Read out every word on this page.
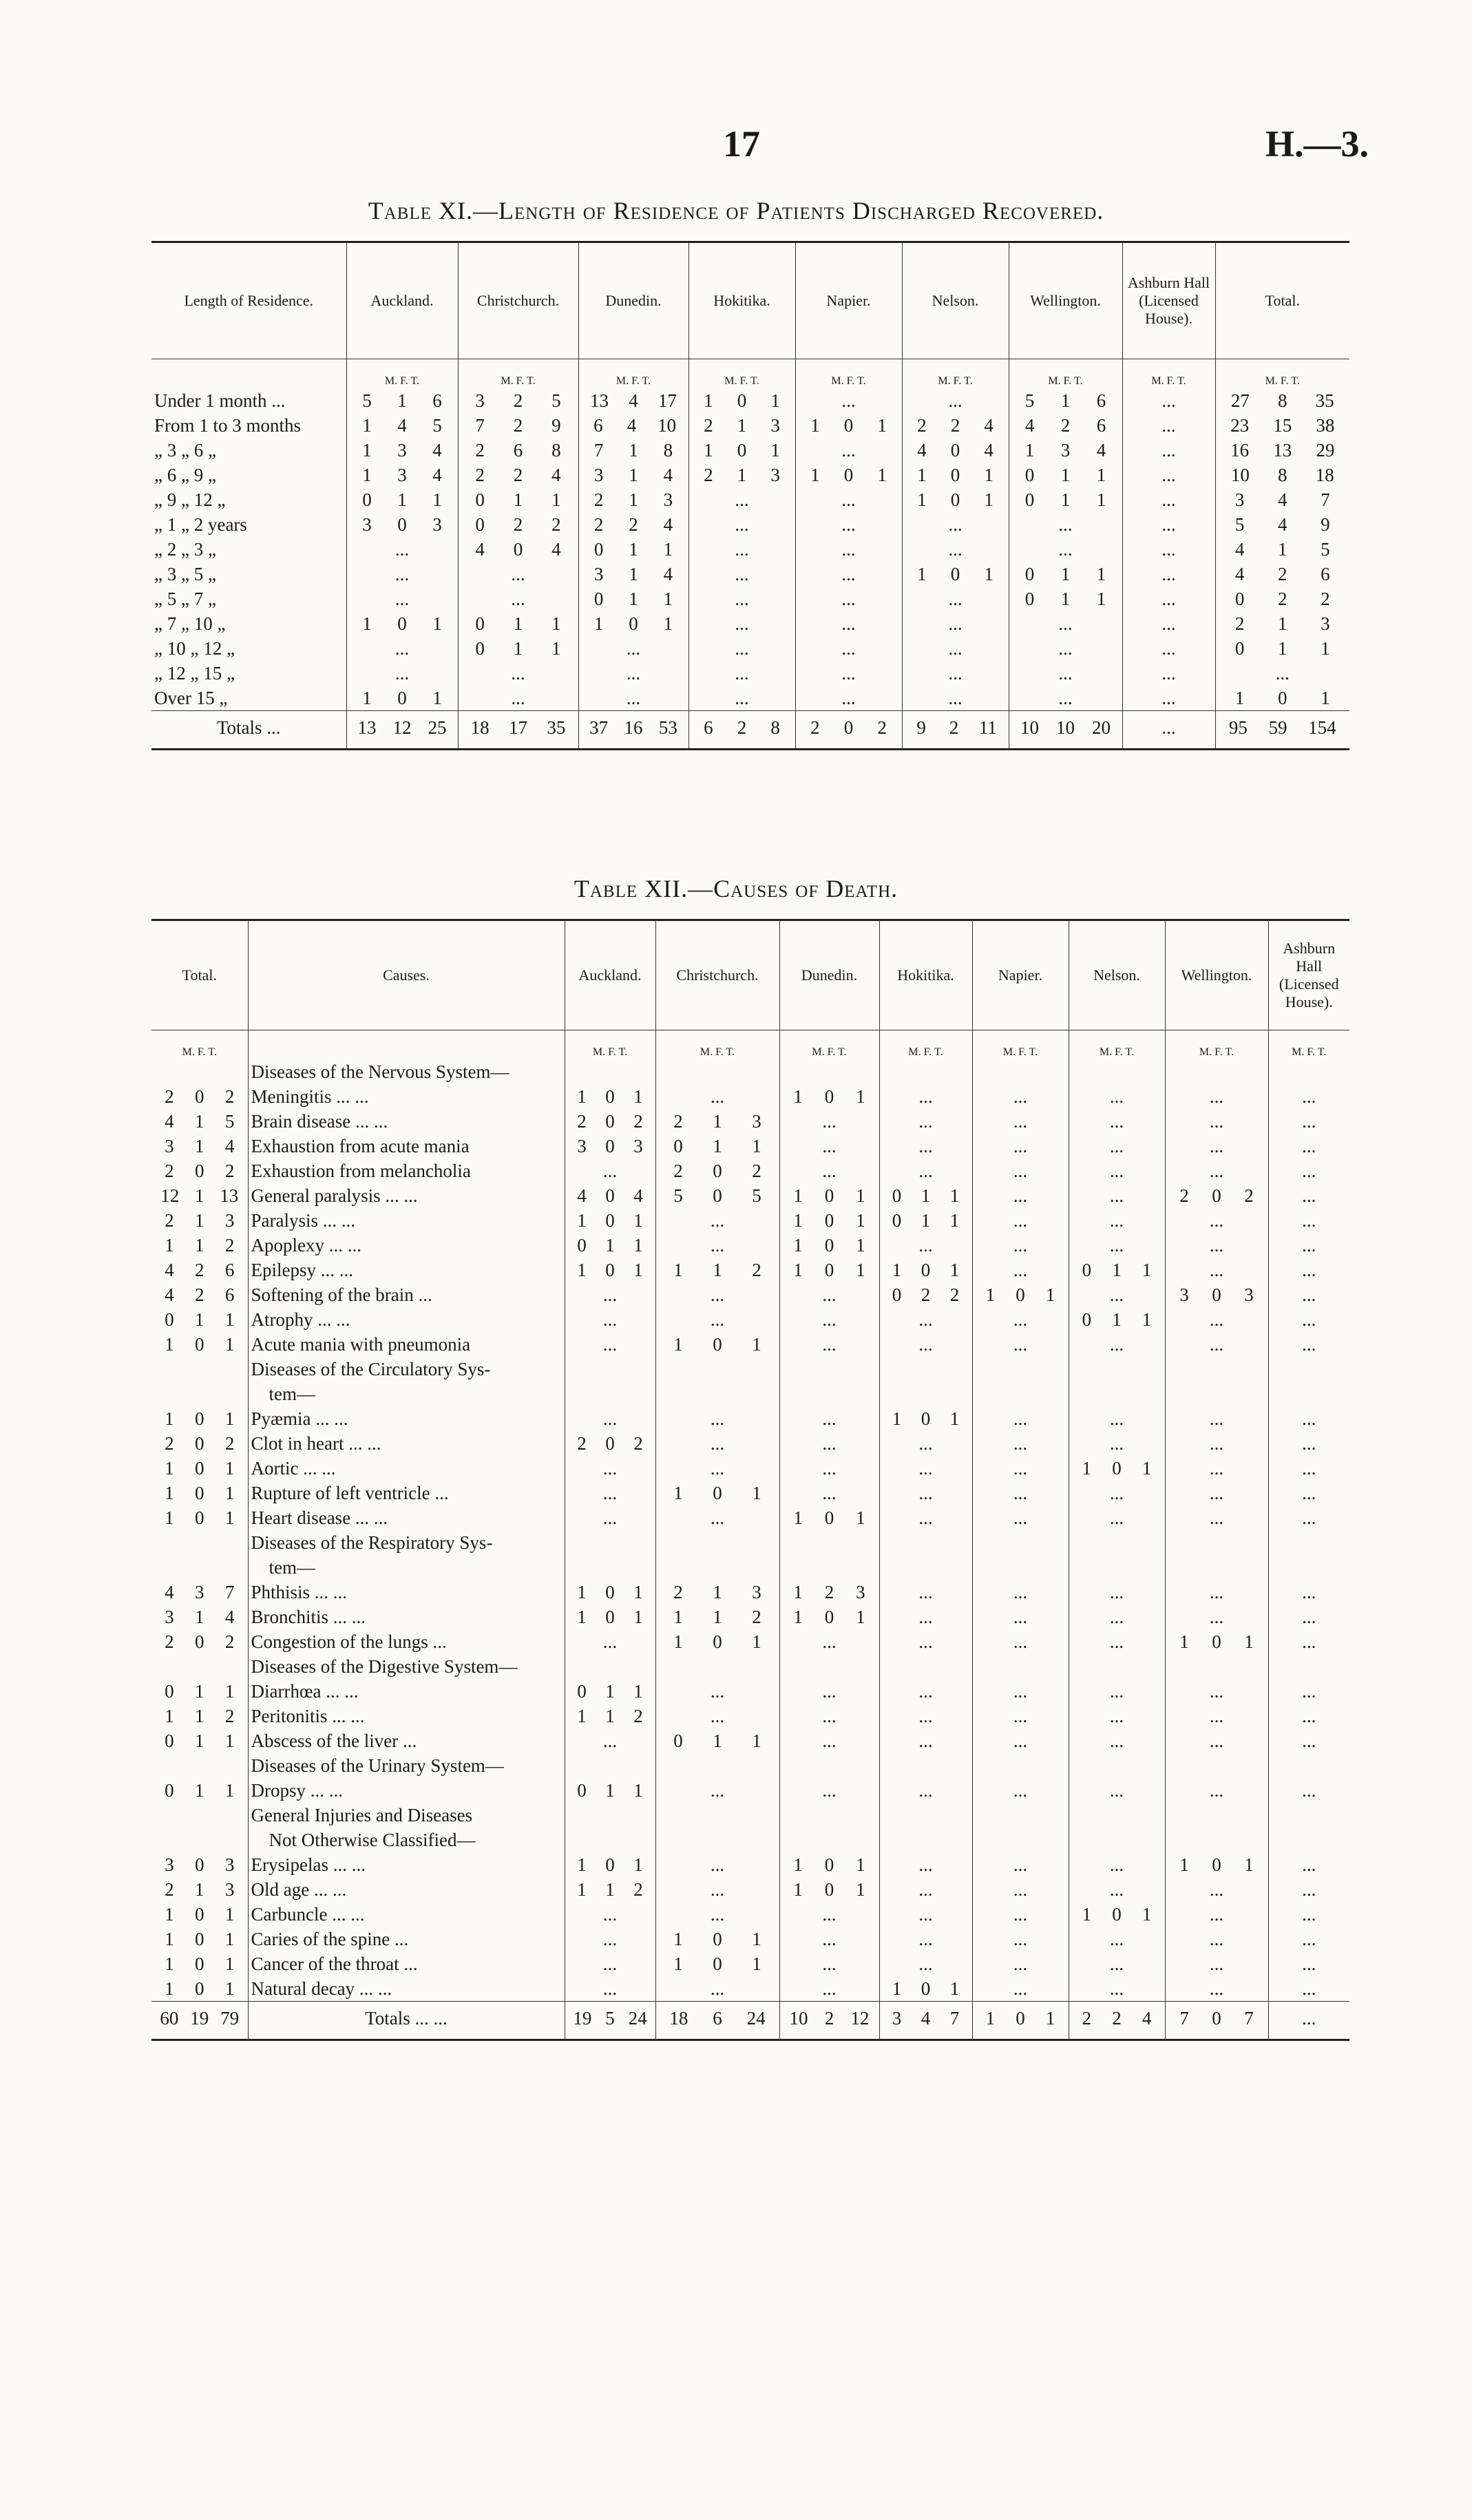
17	H.—3.
Table XI.—Length of Residence of Patients Discharged Recovered.
Length of Residence.	Auckland.	Christchurch.	Dunedin.	Hokitika.	Napier.	Nelson.	Wellington.	Ashburn Hall (Licensed House).	Total.
	M. F. T.	M. F. T.	M. F. T.	M. F. T.	M. F. T.	M. F. T.	M. F. T.	M. F. T.	M. F. T.
Under 1 month ...	5 1 6	3 2 5	13 4 17	1 0 1	...	...	5 1 6	...	27 8 35

From 1 to 3 months	1 4 5	7 2 9	6 4 10	2 1 3	1 0 1	2 2 4	4 2 6	...	23 15 38

„ 3 „ 6 „	1 3 4	2 6 8	7 1 8	1 0 1	...	4 0 4	1 3 4	...	16 13 29

„ 6 „ 9 „	1 3 4	2 2 4	3 1 4	2 1 3	1 0 1	1 0 1	0 1 1	...	10 8 18

„ 9 „ 12 „	0 1 1	0 1 1	2 1 3	...	...	1 0 1	0 1 1	...	3 4 7

„ 1 „ 2 years	3 0 3	0 2 2	2 2 4	...	...	...	...	...	5 4 9

„ 2 „ 3 „	...	4 0 4	0 1 1	...	...	...	...	...	4 1 5

„ 3 „ 5 „	...	...	3 1 4	...	...	1 0 1	0 1 1	...	4 2 6

„ 5 „ 7 „	...	...	0 1 1	...	...	...	0 1 1	...	0 2 2

„ 7 „ 10 „	1 0 1	0 1 1	1 0 1	...	...	...	...	...	2 1 3

„ 10 „ 12 „	...	0 1 1	...	...	...	...	...	...	0 1 1

„ 12 „ 15 „	...	...	...	...	...	...	...	...	...
Over 15 „	1 0 1	...	...	...	...	...	...	...	1 0 1

Totals ...	13 12 25	18 17 35	37 16 53	6 2 8	2 0 2	9 2 11	10 10 20	...	95 59 154
Table XII.—Causes of Death.
Total.	Causes.	Auckland.	Christchurch.	Dunedin.	Hokitika.	Napier.	Nelson.	Wellington.	Ashburn Hall (Licensed House).
M. F. T.		M. F. T.	M. F. T.	M. F. T.	M. F. T.	M. F. T.	M. F. T.	M. F. T.	M. F. T.
	Diseases of the Nervous System—								

2 0 2	Meningitis ... ...	1 0 1	...	1 0 1	...	...	...	...	...

4 1 5	Brain disease ... ...	2 0 2	2 1 3	...	...	...	...	...	...

3 1 4	Exhaustion from acute mania	3 0 3	0 1 1	...	...	...	...	...	...

2 0 2	Exhaustion from melancholia	...	2 0 2	...	...	...	...	...	...

12 1 13	General paralysis ... ...	4 0 4	5 0 5	1 0 1	0 1 1	...	...	2 0 2	...

2 1 3	Paralysis ... ...	1 0 1	...	1 0 1	0 1 1	...	...	...	...

1 1 2	Apoplexy ... ...	0 1 1	...	1 0 1	...	...	...	...	...

4 2 6	Epilepsy ... ...	1 0 1	1 1 2	1 0 1	1 0 1	...	0 1 1	...	...

4 2 6	Softening of the brain ...	...	...	...	0 2 2	1 0 1	...	3 0 3	...

0 1 1	Atrophy ... ...	...	...	...	...	...	0 1 1	...	...

1 0 1	Acute mania with pneumonia	...	1 0 1	...	...	...	...	...	...
	Diseases of the Circulatory Sys-								
	tem—								

1 0 1	Pyæmia ... ...	...	...	...	1 0 1	...	...	...	...

2 0 2	Clot in heart ... ...	2 0 2	...	...	...	...	...	...	...

1 0 1	Aortic ... ...	...	...	...	...	...	1 0 1	...	...

1 0 1	Rupture of left ventricle ...	...	1 0 1	...	...	...	...	...	...

1 0 1	Heart disease ... ...	...	...	1 0 1	...	...	...	...	...
	Diseases of the Respiratory Sys-								
	tem—								

4 3 7	Phthisis ... ...	1 0 1	2 1 3	1 2 3	...	...	...	...	...

3 1 4	Bronchitis ... ...	1 0 1	1 1 2	1 0 1	...	...	...	...	...

2 0 2	Congestion of the lungs ...	...	1 0 1	...	...	...	...	1 0 1	...
	Diseases of the Digestive System—								

0 1 1	Diarrhœa ... ...	0 1 1	...	...	...	...	...	...	...

1 1 2	Peritonitis ... ...	1 1 2	...	...	...	...	...	...	...

0 1 1	Abscess of the liver ...	...	0 1 1	...	...	...	...	...	...
	Diseases of the Urinary System—								

0 1 1	Dropsy ... ...	0 1 1	...	...	...	...	...	...	...
	General Injuries and Diseases								
	Not Otherwise Classified—								

3 0 3	Erysipelas ... ...	1 0 1	...	1 0 1	...	...	...	1 0 1	...

2 1 3	Old age ... ...	1 1 2	...	1 0 1	...	...	...	...	...

1 0 1	Carbuncle ... ...	...	...	...	...	...	1 0 1	...	...

1 0 1	Caries of the spine ...	...	1 0 1	...	...	...	...	...	...

1 0 1	Cancer of the throat ...	...	1 0 1	...	...	...	...	...	...

1 0 1	Natural decay ... ...	...	...	...	1 0 1	...	...	...	...

60 19 79	Totals ... ...	19 5 24	18 6 24	10 2 12	3 4 7	1 0 1	2 2 4	7 0 7	...
